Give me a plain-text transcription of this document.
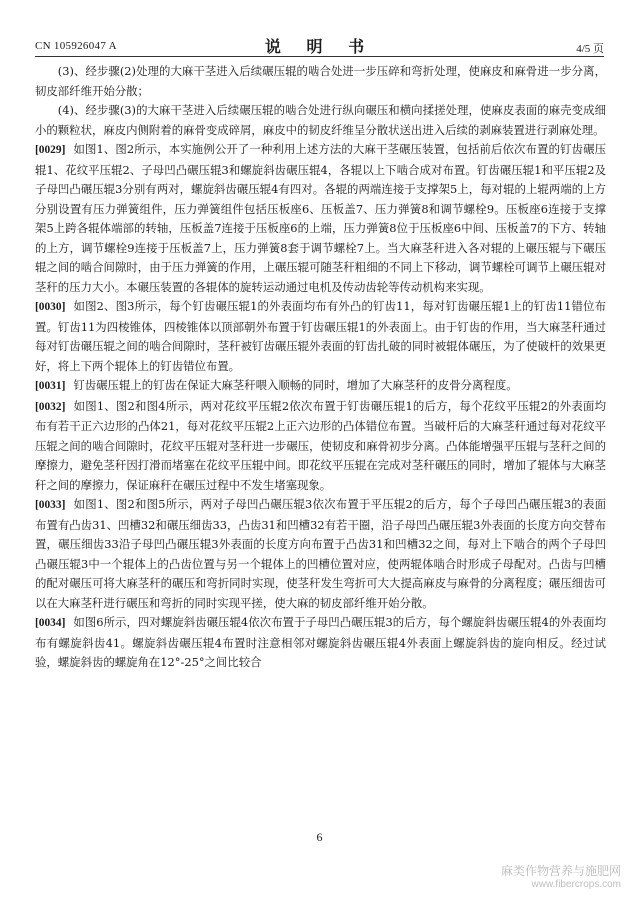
CN 105926047 A	说 明 书	4/5 页

(3)、经步骤(2)处理的大麻干茎进入后续碾压辊的啮合处进一步压碎和弯折处理，使麻皮和麻骨进一步分离，韧皮部纤维开始分散；

(4)、经步骤(3)的大麻干茎进入后续碾压辊的啮合处进行纵向碾压和横向揉搓处理，使麻皮表面的麻壳变成细小的颗粒状，麻皮内侧附着的麻骨变成碎屑，麻皮中的韧皮纤维呈分散状送出进入后续的剥麻装置进行剥麻处理。

[0029] 如图1、图2所示，本实施例公开了一种利用上述方法的大麻干茎碾压装置，包括前后依次布置的钉齿碾压辊1、花纹平压辊2、子母凹凸碾压辊3和螺旋斜齿碾压辊4，各辊以上下啮合成对布置。钉齿碾压辊1和平压辊2及子母凹凸碾压辊3分别有两对，螺旋斜齿碾压辊4有四对。各辊的两端连接于支撑架5上，每对辊的上辊两端的上方分别设置有压力弹簧组件，压力弹簧组件包括压板座6、压板盖7、压力弹簧8和调节螺栓9。压板座6连接于支撑架5上跨各辊体端部的转轴，压板盖7连接于压板座6的上端，压力弹簧8位于压板座6中间、压板盖7的下方、转轴的上方，调节螺栓9连接于压板盖7上，压力弹簧8套于调节螺栓7上。当大麻茎秆进入各对辊的上碾压辊与下碾压辊之间的啮合间隙时，由于压力弹簧的作用，上碾压辊可随茎秆粗细的不同上下移动，调节螺栓可调节上碾压辊对茎秆的压力大小。本碾压装置的各辊体的旋转运动通过电机及传动齿轮等传动机构来实现。

[0030] 如图2、图3所示，每个钉齿碾压辊1的外表面均布有外凸的钉齿11，每对钉齿碾压辊1上的钉齿11错位布置。钉齿11为四棱锥体，四棱锥体以顶部朝外布置于钉齿碾压辊1的外表面上。由于钉齿的作用，当大麻茎秆通过每对钉齿碾压辊之间的啮合间隙时，茎秆被钉齿碾压辊外表面的钉齿扎破的同时被辊体碾压，为了使破杆的效果更好，将上下两个辊体上的钉齿错位布置。

[0031] 钉齿碾压辊上的钉齿在保证大麻茎秆喂入顺畅的同时，增加了大麻茎秆的皮骨分离程度。

[0032] 如图1、图2和图4所示，两对花纹平压辊2依次布置于钉齿碾压辊1的后方，每个花纹平压辊2的外表面均布有若干正六边形的凸体21，每对花纹平压辊2上正六边形的凸体错位布置。当破杆后的大麻茎秆通过每对花纹平压辊之间的啮合间隙时，花纹平压辊对茎秆进一步碾压，使韧皮和麻骨初步分离。凸体能增强平压辊与茎秆之间的摩擦力，避免茎秆因打滑而堵塞在花纹平压辊中间。即花纹平压辊在完成对茎秆碾压的同时，增加了辊体与大麻茎秆之间的摩擦力，保证麻秆在碾压过程中不发生堵塞现象。

[0033] 如图1、图2和图5所示，两对子母凹凸碾压辊3依次布置于平压辊2的后方，每个子母凹凸碾压辊3的表面布置有凸齿31、凹槽32和碾压细齿33，凸齿31和凹槽32有若干圈，沿子母凹凸碾压辊3外表面的长度方向交替布置，碾压细齿33沿子母凹凸碾压辊3外表面的长度方向布置于凸齿31和凹槽32之间，每对上下啮合的两个子母凹凸碾压辊3中一个辊体上的凸齿位置与另一个辊体上的凹槽位置对应，使两辊体啮合时形成子母配对。凸齿与凹槽的配对碾压可将大麻茎秆的碾压和弯折同时实现，使茎秆发生弯折可大大提高麻皮与麻骨的分离程度；碾压细齿可以在大麻茎秆进行碾压和弯折的同时实现平搓，使大麻的韧皮部纤维开始分散。

[0034] 如图6所示，四对螺旋斜齿碾压辊4依次布置于子母凹凸碾压辊3的后方，每个螺旋斜齿碾压辊4的外表面均布有螺旋斜齿41。螺旋斜齿碾压辊4布置时注意相邻对螺旋斜齿碾压辊4外表面上螺旋斜齿的旋向相反。经过试验，螺旋斜齿的螺旋角在12°-25°之间比较合

6
麻类作物营养与施肥网
www.fibercrops.com
